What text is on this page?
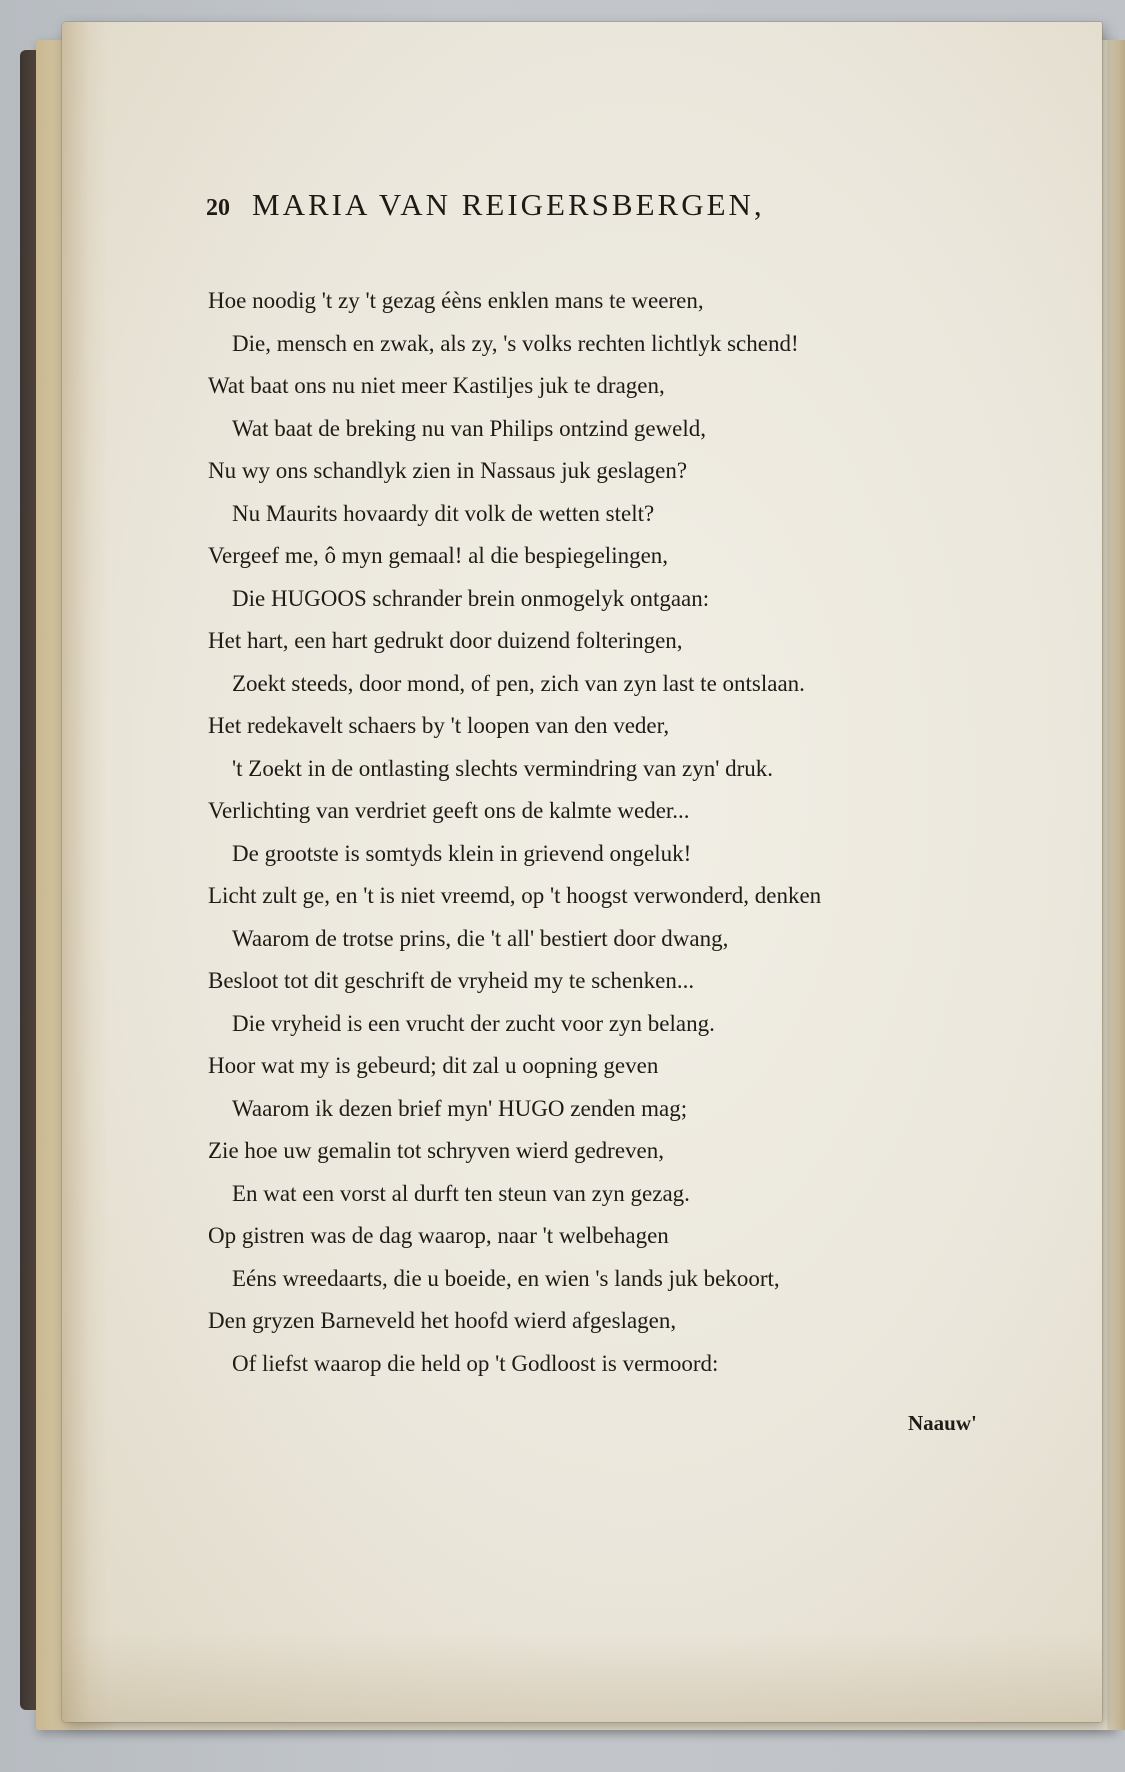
20 MARIA VAN REIGERSBERGEN,
Hoe noodig 't zy 't gezag éèns enklen mans te weeren,
Die, mensch en zwak, als zy, 's volks rechten lichtlyk schend!
Wat baat ons nu niet meer Kastiljes juk te dragen,
Wat baat de breking nu van Philips ontzind geweld,
Nu wy ons schandlyk zien in Nassaus juk geslagen?
Nu Maurits hovaardy dit volk de wetten stelt?
Vergeef me, ô myn gemaal! al die bespiegelingen,
Die HUGOOS schrander brein onmogelyk ontgaan:
Het hart, een hart gedrukt door duizend folteringen,
Zoekt steeds, door mond, of pen, zich van zyn last te ontslaan.
Het redekavelt schaers by 't loopen van den veder,
't Zoekt in de ontlasting slechts vermindring van zyn' druk.
Verlichting van verdriet geeft ons de kalmte weder...
De grootste is somtyds klein in grievend ongeluk!
Licht zult ge, en 't is niet vreemd, op 't hoogst verwonderd, denken
Waarom de trotse prins, die 't all' bestiert door dwang,
Besloot tot dit geschrift de vryheid my te schenken...
Die vryheid is een vrucht der zucht voor zyn belang.
Hoor wat my is gebeurd; dit zal u oopning geven
Waarom ik dezen brief myn' HUGO zenden mag;
Zie hoe uw gemalin tot schryven wierd gedreven,
En wat een vorst al durft ten steun van zyn gezag.
Op gistren was de dag waarop, naar 't welbehagen
Eéns wreedaarts, die u boeide, en wien 's lands juk bekoort,
Den gryzen Barneveld het hoofd wierd afgeslagen,
Of liefst waarop die held op 't Godloost is vermoord:
Naauw'
